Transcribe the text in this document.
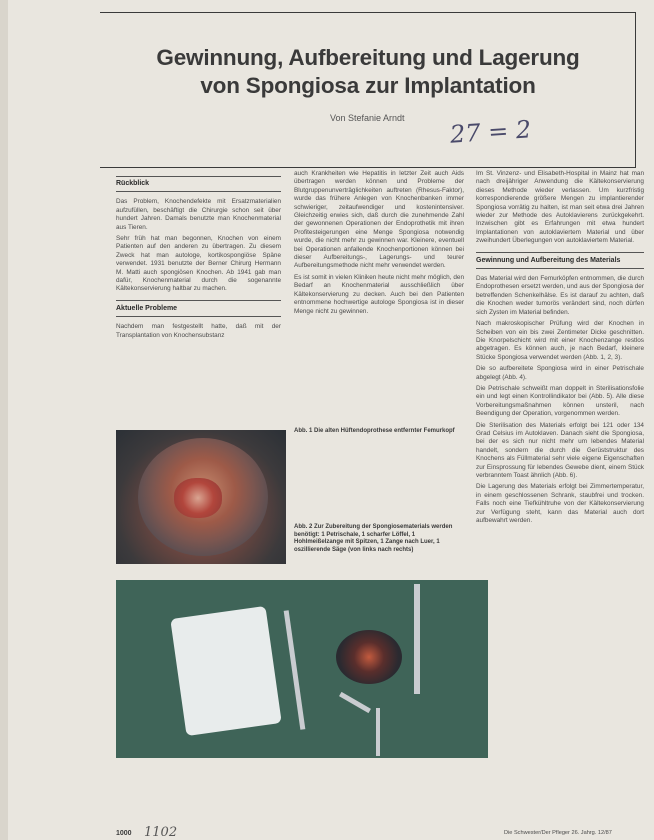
Gewinnung, Aufbereitung und Lagerung
von Spongiosa zur Implantation
Von Stefanie Arndt 27 = 2

Rückblick

Das Problem, Knochendefekte mit Ersatzmaterialien aufzufüllen, beschäftigt die Chirurgie schon seit über hundert Jahren. Damals benutzte man Knochenmaterial aus Tieren.

Sehr früh hat man begonnen, Knochen von einem Patienten auf den anderen zu übertragen. Zu diesem Zweck hat man autologe, kortikospongiöse Späne verwendet. 1931 benutzte der Berner Chirurg Hermann M. Matti auch spongiösen Knochen. Ab 1941 gab man dafür, Knochenmaterial durch die sogenannte Kältekonservierung haltbar zu machen.

Aktuelle Probleme

Nachdem man festgestellt hatte, daß mit der Transplantation von Knochensubstanz

auch Krankheiten wie Hepatitis in letzter Zeit auch Aids übertragen werden können und Probleme der Blutgruppenunverträglichkeiten auftreten (Rhesus-Faktor), wurde das frühere Anlegen von Knochenbanken immer schwieriger, zeitaufwendiger und kostenintensiver. Gleichzeitig erwies sich, daß durch die zunehmende Zahl der gewonnenen Operationen der Endoprothetik mit ihren Profitesteigerungen eine Menge Spongiosa notwendig wurde, die nicht mehr zu gewinnen war. Kleinere, eventuell bei Operationen anfallende Knochenportionen können bei dieser Aufbereitungs-, Lagerungs- und teurer Aufbereitungsmethode nicht mehr verwendet werden.

Es ist somit in vielen Kliniken heute nicht mehr möglich, den Bedarf an Knochenmaterial ausschließlich über Kältekonservierung zu decken. Auch bei den Patienten entnommene hochwertige autologe Spongiosa ist in dieser Menge nicht zu gewinnen.

Abb. 1 Die alten Hüftendoprothese entfernter Femurkopf
Abb. 2 Zur Zubereitung der Spongiosematerials werden benötigt: 1 Petrischale, 1 scharfer Löffel, 1 Hohlmeißelzange mit Spitzen, 1 Zange nach Luer, 1 oszillierende Säge (von links nach rechts)

Im St. Vinzenz- und Elisabeth-Hospital in Mainz hat man nach dreijähriger Anwendung die Kältekonservierung dieses Methode wieder verlassen. Um kurzfristig korrespondierende größere Mengen zu implantierender Spongiosa vorrätig zu halten, ist man seit etwa drei Jahren wieder zur Methode des Autoklavierens zurückgekehrt. Inzwischen gibt es Erfahrungen mit etwa hundert Implantationen von autoklaviertem Material und über zweihundert Überlegungen von autoklaviertem Material.

Gewinnung und Aufbereitung des Materials

Das Material wird den Femurköpfen entnommen, die durch Endoprothesen ersetzt werden, und aus der Spongiosa der betreffenden Schenkelhälse. Es ist darauf zu achten, daß die Knochen weder tumorös verändert sind, noch dürfen sich Zysten im Material befinden.

Nach makroskopischer Prüfung wird der Knochen in Scheiben von ein bis zwei Zentimeter Dicke geschnitten. Die Knorpelschicht wird mit einer Knochenzange restlos abgetragen. Es können auch, je nach Bedarf, kleinere Stücke Spongiosa verwendet werden (Abb. 1, 2, 3).

Die so aufbereitete Spongiosa wird in einer Petrischale abgelegt (Abb. 4).

Die Petrischale schweißt man doppelt in Sterilisationsfolie ein und legt einen Kontrollindikator bei (Abb. 5). Alle diese Vorbereitungsmaßnahmen können unsteril, nach Beendigung der Operation, vorgenommen werden.

Die Sterilisation des Materials erfolgt bei 121 oder 134 Grad Celsius im Autoklaven. Danach sieht die Spongiosa, bei der es sich nur nicht mehr um lebendes Material handelt, sondern die durch die Gerüststruktur des Knochens als Füllmaterial sehr viele eigene Eigenschaften zur Einsprossung für lebendes Gewebe dient, einem Stück verbranntem Toast ähnlich (Abb. 6).

Die Lagerung des Materials erfolgt bei Zimmertemperatur, in einem geschlossenen Schrank, staubfrei und trocken. Falls noch eine Tiefkühltruhe von der Kältekonservierung zur Verfügung steht, kann das Material auch dort aufbewahrt werden.

1000 1102	Die Schwester/Der Pfleger 26. Jahrg. 12/87
